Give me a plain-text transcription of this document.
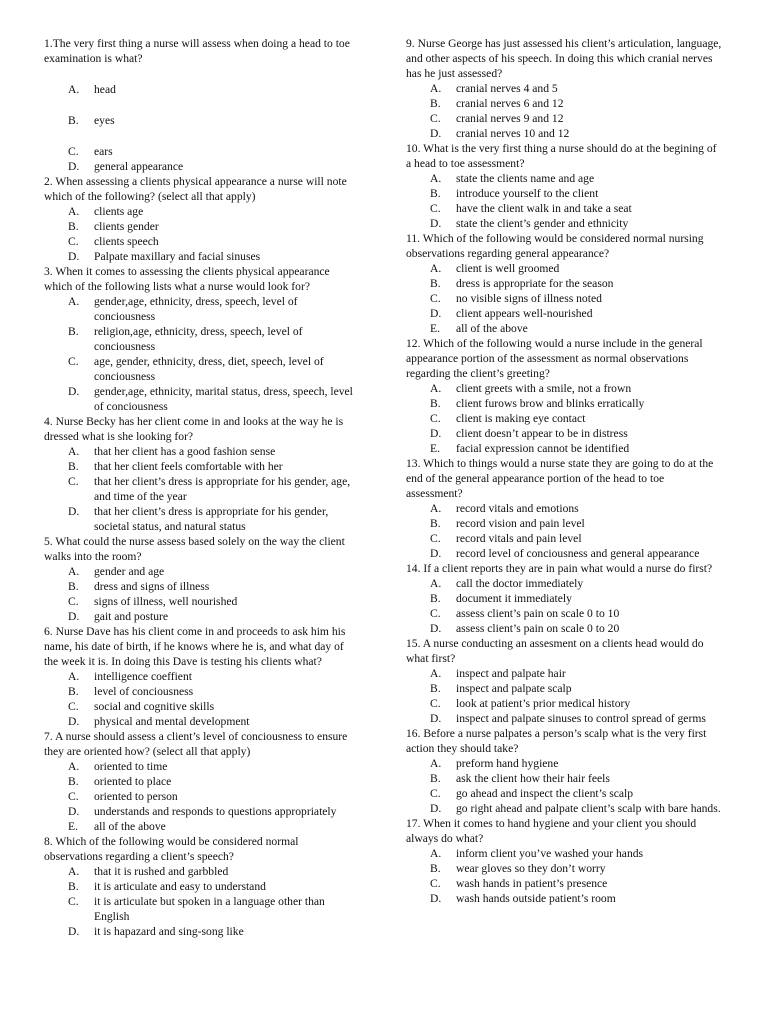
1.The very first thing a nurse will assess when doing a head to toe examination is what?

A. head
B. eyes
C. ears
D. general appearance

2. When assessing a clients physical appearance a nurse will note which of the following? (select all that apply)

A. clients age
B. clients gender
C. clients speech
D. Palpate maxillary and facial sinuses

3. When it comes to assessing the clients physical appearance which of the following lists what a nurse would look for?

A. gender,age, ethnicity, dress, speech, level of conciousness
B. religion,age, ethnicity, dress, speech, level of conciousness
C. age, gender, ethnicity, dress, diet, speech, level of conciousness
D. gender,age, ethnicity, marital status, dress, speech, level of conciousness

4. Nurse Becky has her client come in and looks at the way he is dressed what is she looking for?

A. that her client has a good fashion sense
B. that her client feels comfortable with her
C. that her client’s dress is appropriate for his gender, age, and time of the year
D. that her client’s dress is appropriate for his gender, societal status, and natural status

5. What could the nurse assess based solely on the way the client walks into the room?

A. gender and age
B. dress and signs of illness
C. signs of illness, well nourished
D. gait and posture

6. Nurse Dave has his client come in and proceeds to ask him his name, his date of birth, if he knows where he is, and what day of the week it is. In doing this Dave is testing his clients what?

A. intelligence coeffient
B. level of conciousness
C. social and cognitive skills
D. physical and mental development

7. A nurse should assess a client’s level of conciousness to ensure they are oriented how? (select all that apply)

A. oriented to time
B. oriented to place
C. oriented to person
D. understands and responds to questions appropriately
E. all of the above

8. Which of the following would be considered normal observations regarding a client’s speech?

A. that it is rushed and garbbled
B. it is articulate and easy to understand
C. it is articulate but spoken in a language other than English
D. it is hapazard and sing-song like

9. Nurse George has just assessed his client’s articulation, language, and other aspects of his speech. In doing this which cranial nerves has he just assessed?

A. cranial nerves 4 and 5
B. cranial nerves 6 and 12
C. cranial nerves 9 and 12
D. cranial nerves 10 and 12

10. What is the very first thing a nurse should do at the begining of a head to toe assessment?

A. state the clients name and age
B. introduce yourself to the client
C. have the client walk in and take a seat
D. state the client’s gender and ethnicity

11. Which of the following would be considered normal nursing observations regarding general appearance?

A. client is well groomed
B. dress is appropriate for the season
C. no visible signs of illness noted
D. client appears well-nourished
E. all of the above

12. Which of the following would a nurse include in the general appearance portion of the assessment as normal observations regarding the client’s greeting?

A. client greets with a smile, not a frown
B. client furows brow and blinks erratically
C. client is making eye contact
D. client doesn’t appear to be in distress
E. facial expression cannot be identified

13. Which to things would a nurse state they are going to do at the end of the general appearance portion of the head to toe assessment?

A. record vitals and emotions
B. record vision and pain level
C. record vitals and pain level
D. record level of conciousness and general appearance

14. If a client reports they are in pain what would a nurse do first?

A. call the doctor immediately
B. document it immediately
C. assess client’s pain on scale 0 to 10
D. assess client’s pain on scale 0 to 20

15. A nurse conducting an assesment on a clients head would do what first?

A. inspect and palpate hair
B. inspect and palpate scalp
C. look at patient’s prior medical history
D. inspect and palpate sinuses to control spread of germs

16. Before a nurse palpates a person’s scalp what is the very first action they should take?

A. preform hand hygiene
B. ask the client how their hair feels
C. go ahead and inspect the client’s scalp
D. go right ahead and palpate client’s scalp with bare hands.

17. When it comes to hand hygiene and your client you should always do what?

A. inform client you’ve washed your hands
B. wear gloves so they don’t worry
C. wash hands in patient’s presence
D. wash hands outside patient’s room
